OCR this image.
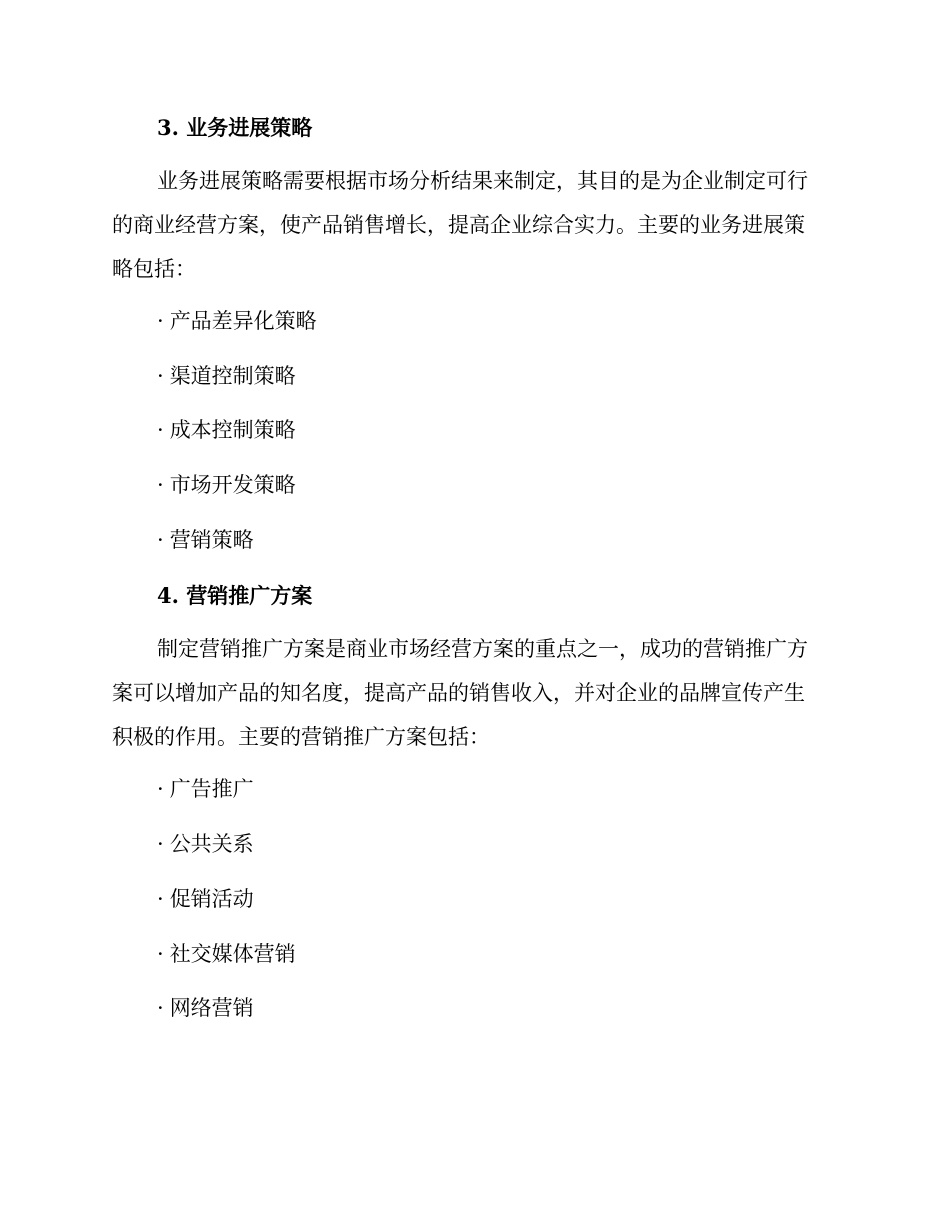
3. 业务进展策略
业务进展策略需要根据市场分析结果来制定，其目的是为企业制定可行
的商业经营方案，使产品销售增长，提高企业综合实力。主要的业务进展策
略包括：
· 产品差异化策略
· 渠道控制策略
· 成本控制策略
· 市场开发策略
· 营销策略
4. 营销推广方案
制定营销推广方案是商业市场经营方案的重点之一，成功的营销推广方
案可以增加产品的知名度，提高产品的销售收入，并对企业的品牌宣传产生
积极的作用。主要的营销推广方案包括：
· 广告推广
· 公共关系
· 促销活动
· 社交媒体营销
· 网络营销
